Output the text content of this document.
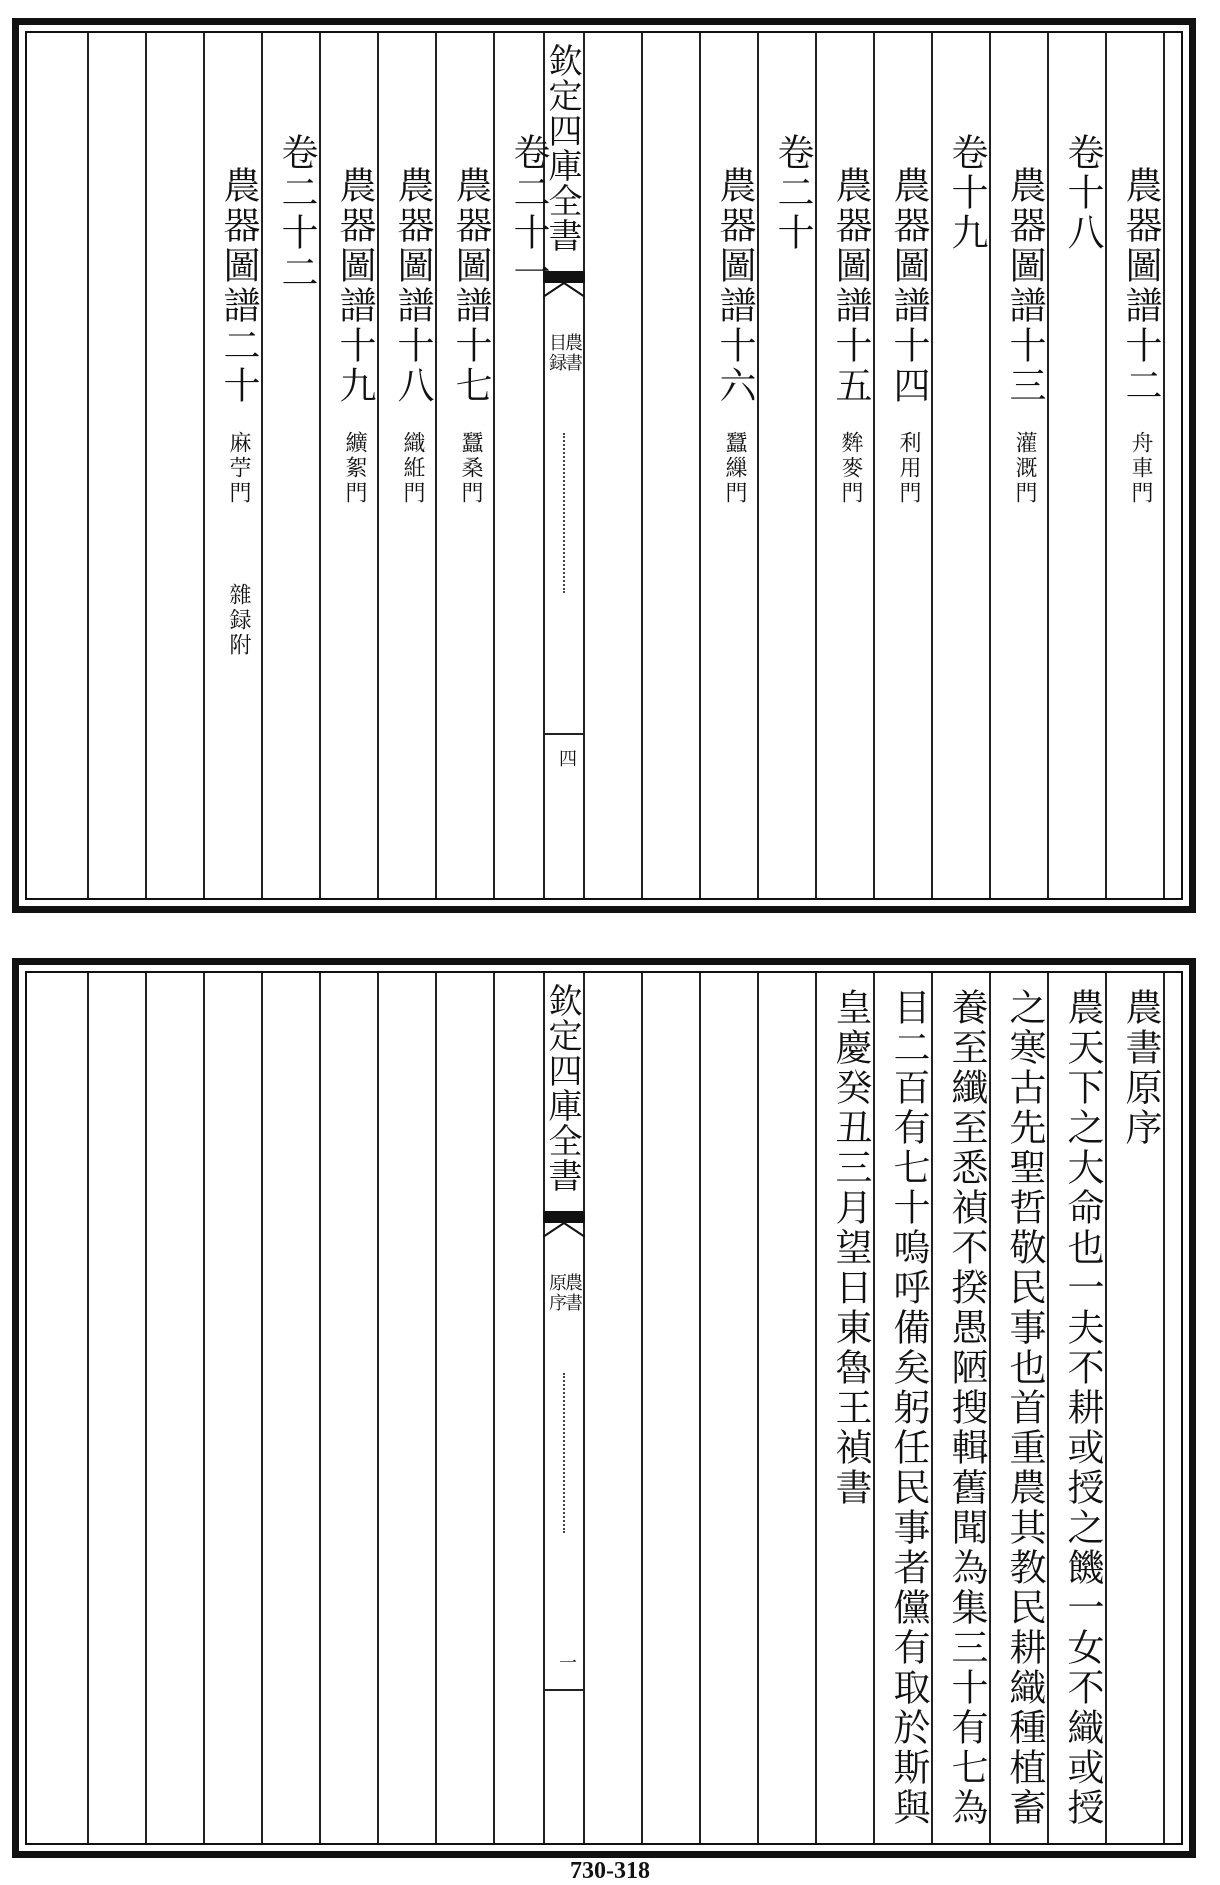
欽定四庫全書
農書
目録
四
農器圖譜十二
舟車門
卷十八
農器圖譜十三
灌溉門
卷十九
農器圖譜十四
利用門
農器圖譜十五
麰麥門
卷二十
農器圖譜十六
蠶繅門
卷二十一
農器圖譜十七
蠶桑門
農器圖譜十八
織絍門
農器圖譜十九
纊絮門
卷二十二
農器圖譜二十
麻苧門
雜録附
欽定四庫全書
農書
原序
一
農書原序
農天下之大命也一夫不耕或授之饑一女不織或授
之寒古先聖哲敬民事也首重農其教民耕織種植畜
養至纖至悉禎不揆愚陋搜輯舊聞為集三十有七為
目二百有七十嗚呼備矣躬任民事者儻有取於斯與
皇慶癸丑三月望日東魯王禎書
730-318
